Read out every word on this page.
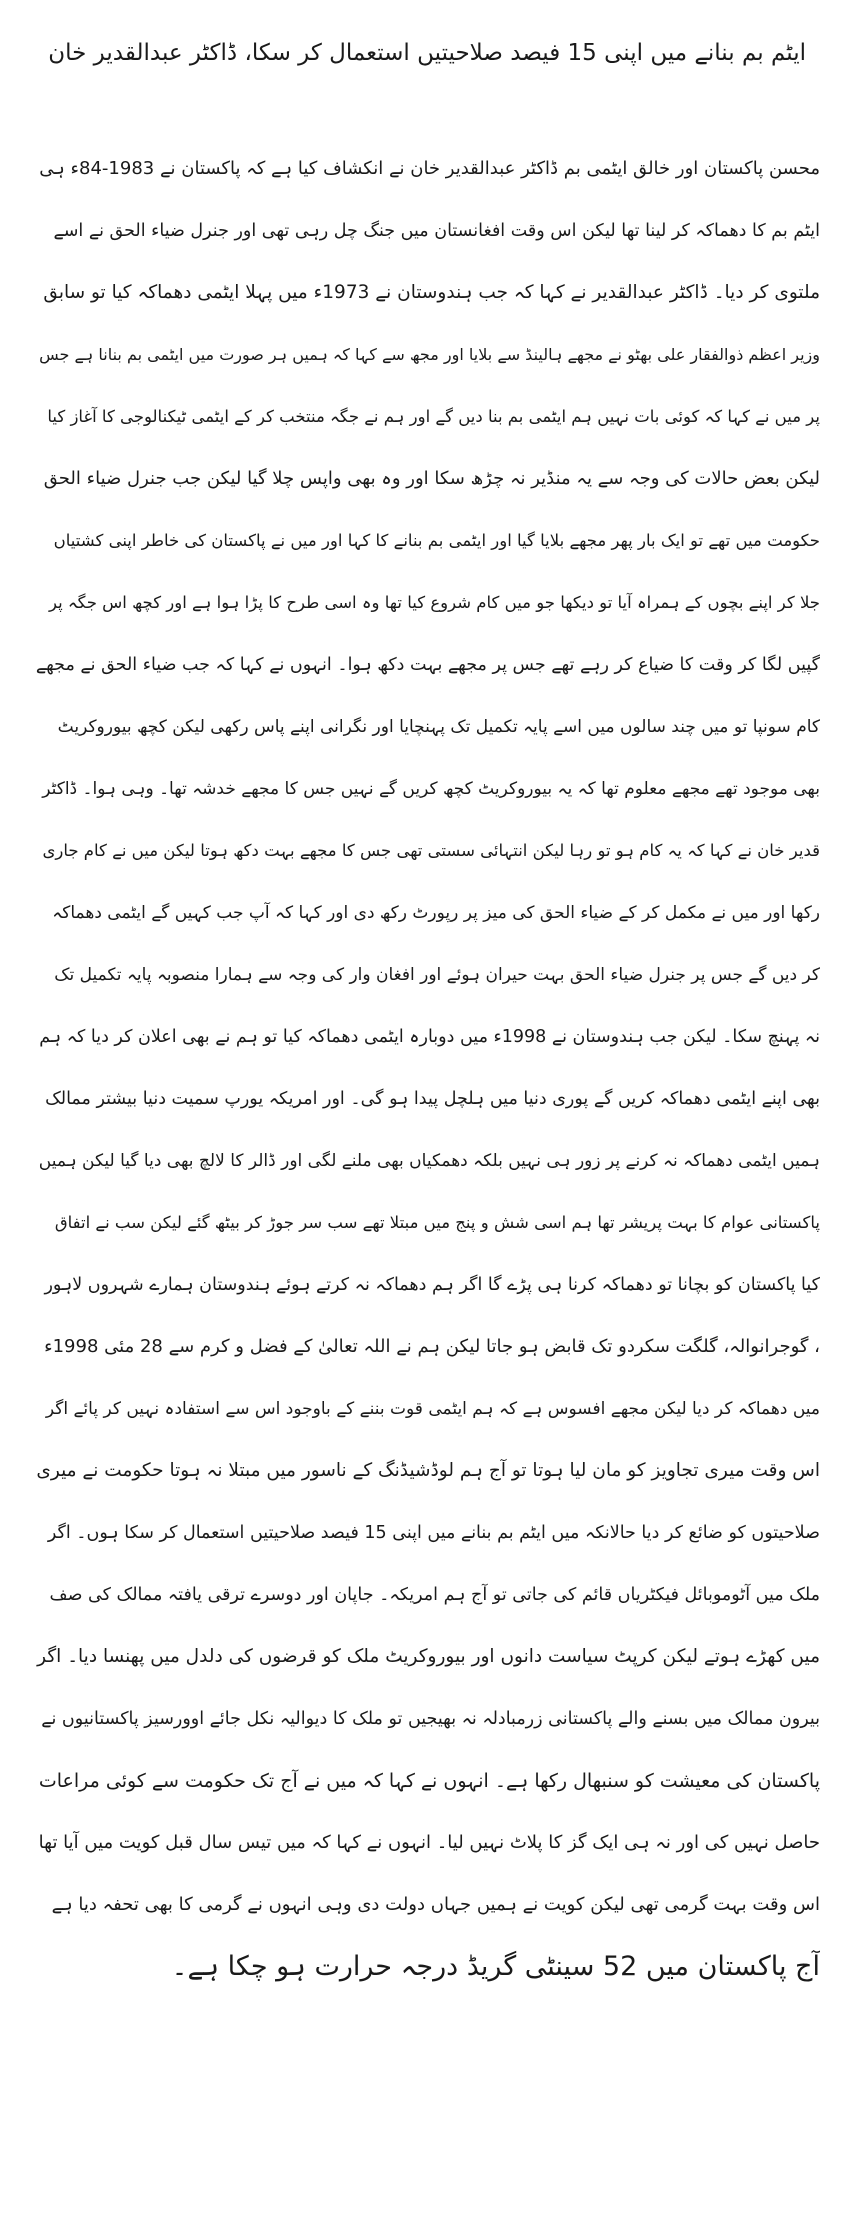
ایٹم بم بنانے میں اپنی 15 فیصد صلاحیتیں استعمال کر سکا، ڈاکٹر عبدالقدیر خان
محسن پاکستان اور خالق ایٹمی بم ڈاکٹر عبدالقدیر خان نے انکشاف کیا ہے کہ پاکستان نے 1983-84ء ہی
ایٹم بم کا دھماکہ کر لینا تھا لیکن اس وقت افغانستان میں جنگ چل رہی تھی اور جنرل ضیاء الحق نے اسے
ملتوی کر دیا۔ ڈاکٹر عبدالقدیر نے کہا کہ جب ہندوستان نے 1973ء میں پہلا ایٹمی دھماکہ کیا تو سابق
وزیر اعظم ذوالفقار علی بھٹو نے مجھے ہالینڈ سے بلایا اور مجھ سے کہا کہ ہمیں ہر صورت میں ایٹمی بم بنانا ہے جس
پر میں نے کہا کہ کوئی بات نہیں ہم ایٹمی بم بنا دیں گے اور ہم نے جگہ منتخب کر کے ایٹمی ٹیکنالوجی کا آغاز کیا
لیکن بعض حالات کی وجہ سے یہ منڈیر نہ چڑھ سکا اور وہ بھی واپس چلا گیا لیکن جب جنرل ضیاء الحق
حکومت میں تھے تو ایک بار پھر مجھے بلایا گیا اور ایٹمی بم بنانے کا کہا اور میں نے پاکستان کی خاطر اپنی کشتیاں
جلا کر اپنے بچوں کے ہمراہ آیا تو دیکھا جو میں کام شروع کیا تھا وہ اسی طرح کا پڑا ہوا ہے اور کچھ اس جگہ پر
گپیں لگا کر وقت کا ضیاع کر رہے تھے جس پر مجھے بہت دکھ ہوا۔ انہوں نے کہا کہ جب ضیاء الحق نے مجھے
کام سونپا تو میں چند سالوں میں اسے پایہ تکمیل تک پہنچایا اور نگرانی اپنے پاس رکھی لیکن کچھ بیوروکریٹ
بھی موجود تھے مجھے معلوم تھا کہ یہ بیوروکریٹ کچھ کریں گے نہیں جس کا مجھے خدشہ تھا۔ وہی ہوا۔ ڈاکٹر
قدیر خان نے کہا کہ یہ کام ہو تو رہا لیکن انتہائی سستی تھی جس کا مجھے بہت دکھ ہوتا لیکن میں نے کام جاری
رکھا اور میں نے مکمل کر کے ضیاء الحق کی میز پر رپورٹ رکھ دی اور کہا کہ آپ جب کہیں گے ایٹمی دھماکہ
کر دیں گے جس پر جنرل ضیاء الحق بہت حیران ہوئے اور افغان وار کی وجہ سے ہمارا منصوبہ پایہ تکمیل تک
نہ پہنچ سکا۔ لیکن جب ہندوستان نے 1998ء میں دوبارہ ایٹمی دھماکہ کیا تو ہم نے بھی اعلان کر دیا کہ ہم
بھی اپنے ایٹمی دھماکہ کریں گے پوری دنیا میں ہلچل پیدا ہو گی۔ اور امریکہ یورپ سمیت دنیا بیشتر ممالک
ہمیں ایٹمی دھماکہ نہ کرنے پر زور ہی نہیں بلکہ دھمکیاں بھی ملنے لگی اور ڈالر کا لالچ بھی دیا گیا لیکن ہمیں
پاکستانی عوام کا بہت پریشر تھا ہم اسی شش و پنج میں مبتلا تھے سب سر جوڑ کر بیٹھ گئے لیکن سب نے اتفاق
کیا پاکستان کو بچانا تو دھماکہ کرنا ہی پڑے گا اگر ہم دھماکہ نہ کرتے ہوئے ہندوستان ہمارے شہروں لاہور
، گوجرانوالہ، گلگت سکردو تک قابض ہو جاتا لیکن ہم نے اللہ تعالیٰ کے فضل و کرم سے 28 مئی 1998ء
میں دھماکہ کر دیا لیکن مجھے افسوس ہے کہ ہم ایٹمی قوت بننے کے باوجود اس سے استفادہ نہیں کر پائے اگر
اس وقت میری تجاویز کو مان لیا ہوتا تو آج ہم لوڈشیڈنگ کے ناسور میں مبتلا نہ ہوتا حکومت نے میری
صلاحیتوں کو ضائع کر دیا حالانکہ میں ایٹم بم بنانے میں اپنی 15 فیصد صلاحیتیں استعمال کر سکا ہوں۔ اگر
ملک میں آٹوموبائل فیکٹریاں قائم کی جاتی تو آج ہم امریکہ۔ جاپان اور دوسرے ترقی یافتہ ممالک کی صف
میں کھڑے ہوتے لیکن کرپٹ سیاست دانوں اور بیوروکریٹ ملک کو قرضوں کی دلدل میں پھنسا دیا۔ اگر
بیرون ممالک میں بسنے والے پاکستانی زرمبادلہ نہ بھیجیں تو ملک کا دیوالیہ نکل جائے اوورسیز پاکستانیوں نے
پاکستان کی معیشت کو سنبھال رکھا ہے۔ انہوں نے کہا کہ میں نے آج تک حکومت سے کوئی مراعات
حاصل نہیں کی اور نہ ہی ایک گز کا پلاٹ نہیں لیا۔ انہوں نے کہا کہ میں تیس سال قبل کویت میں آیا تھا
اس وقت بہت گرمی تھی لیکن کویت نے ہمیں جہاں دولت دی وہی انہوں نے گرمی کا بھی تحفہ دیا ہے
آج پاکستان میں 52 سینٹی گریڈ درجہ حرارت ہو چکا ہے۔
